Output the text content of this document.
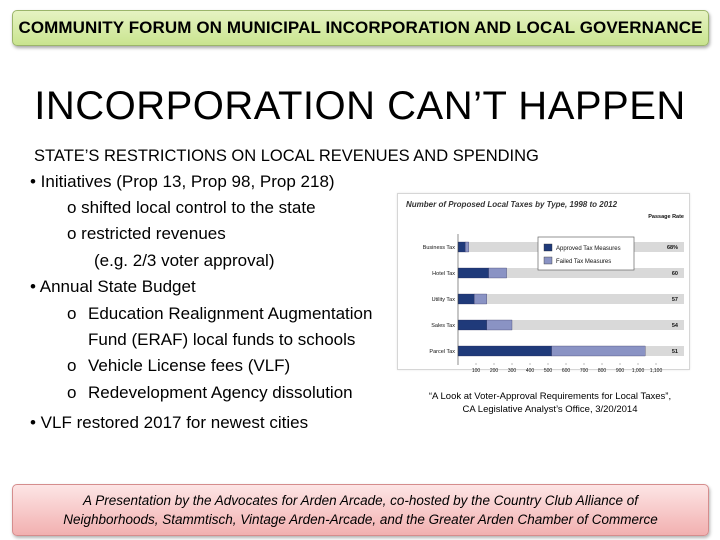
COMMUNITY FORUM ON MUNICIPAL INCORPORATION AND LOCAL GOVERNANCE
INCORPORATION CAN’T HAPPEN
STATE’S RESTRICTIONS ON LOCAL REVENUES AND SPENDING
• Initiatives (Prop 13, Prop 98, Prop 218)
o shifted local control to the state
o restricted revenues
(e.g. 2/3 voter approval)
• Annual State Budget
o Education Realignment Augmentation
Fund (ERAF) local funds to schools
o Vehicle License fees (VLF)
o Redevelopment Agency dissolution
• VLF restored 2017 for newest cities
Number of Proposed Local Taxes by Type, 1998 to 2012
Passage Rate
Business Tax
Hotel Tax
Utility Tax
Sales Tax
Parcel Tax
68%
60
57
54
51
100 200 300 400 500 600 700 800 900 1,000 1,100
Approved Tax Measures
Failed Tax Measures
“A Look at Voter-Approval Requirements for Local Taxes”,
CA Legislative Analyst’s Office, 3/20/2014
A Presentation by the Advocates for Arden Arcade, co-hosted by the Country Club Alliance of
Neighborhoods, Stammtisch, Vintage Arden-Arcade, and the Greater Arden Chamber of Commerce
